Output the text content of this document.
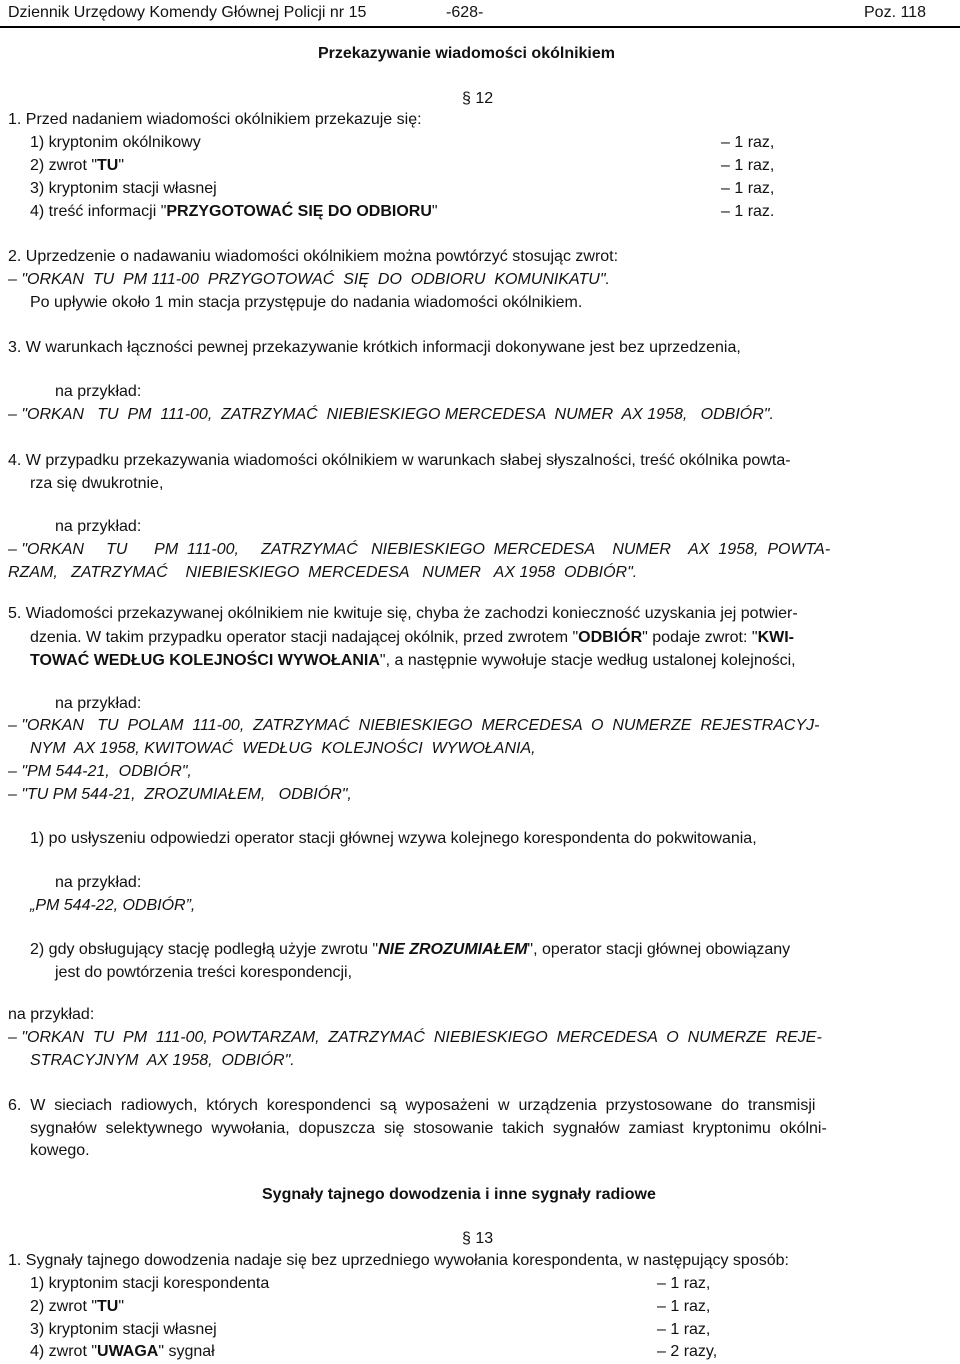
Dziennik Urzędowy Komendy Głównej Policji nr 15	-628-	Poz. 118
Przekazywanie wiadomości okólnikiem
§ 12
1. Przed nadaniem wiadomości okólnikiem przekazuje się:
1) kryptonim okólnikowy	– 1 raz,
2) zwrot "TU"	– 1 raz,
3) kryptonim stacji własnej	– 1 raz,
4) treść informacji "PRZYGOTOWAĆ SIĘ DO ODBIORU"	– 1 raz.
2. Uprzedzenie o nadawaniu wiadomości okólnikiem można powtórzyć stosując zwrot:
– "ORKAN  TU  PM 111-00  PRZYGOTOWAĆ  SIĘ  DO  ODBIORU  KOMUNIKATU".
Po upływie około 1 min stacja przystępuje do nadania wiadomości okólnikiem.
3. W warunkach łączności pewnej przekazywanie krótkich informacji dokonywane jest bez uprzedzenia,
na przykład:
– "ORKAN   TU  PM  111-00,  ZATRZYMAĆ  NIEBIESKIEGO MERCEDESA  NUMER  AX 1958,   ODBIÓR".
4. W przypadku przekazywania wiadomości okólnikiem w warunkach słabej słyszalności, treść okólnika powta-
rza się dwukrotnie,
na przykład:
– "ORKAN     TU      PM  111-00,     ZATRZYMAĆ   NIEBIESKIEGO  MERCEDESA    NUMER    AX  1958,  POWTA-
RZAM,   ZATRZYMAĆ    NIEBIESKIEGO  MERCEDESA   NUMER   AX 1958  ODBIÓR".
5. Wiadomości przekazywanej okólnikiem nie kwituje się, chyba że zachodzi konieczność uzyskania jej potwier-
dzenia. W takim przypadku operator stacji nadającej okólnik, przed zwrotem "ODBIÓR" podaje zwrot: "KWI-
TOWAĆ WEDŁUG KOLEJNOŚCI WYWOŁANIA", a następnie wywołuje stacje według ustalonej kolejności,
na przykład:
– "ORKAN   TU  POLAM  111-00,  ZATRZYMAĆ  NIEBIESKIEGO  MERCEDESA  O  NUMERZE  REJESTRACYJ-
NYM  AX 1958, KWITOWAĆ  WEDŁUG  KOLEJNOŚCI  WYWOŁANIA,
– "PM 544-21,  ODBIÓR",
– "TU PM 544-21,  ZROZUMIAŁEM,   ODBIÓR",
1) po usłyszeniu odpowiedzi operator stacji głównej wzywa kolejnego korespondenta do pokwitowania,
na przykład:
„PM 544-22, ODBIÓR”,
2) gdy obsługujący stację podległą użyje zwrotu "NIE ZROZUMIAŁEM", operator stacji głównej obowiązany
jest do powtórzenia treści korespondencji,
na przykład:
– "ORKAN  TU  PM  111-00, POWTARZAM,  ZATRZYMAĆ  NIEBIESKIEGO  MERCEDESA  O  NUMERZE  REJE-
STRACYJNYM  AX 1958,  ODBIÓR".
6.  W  sieciach  radiowych,  których  korespondenci  są  wyposażeni  w  urządzenia  przystosowane  do  transmisji
sygnałów  selektywnego  wywołania,  dopuszcza  się  stosowanie  takich  sygnałów  zamiast  kryptonimu  okólni-
kowego.
Sygnały tajnego dowodzenia i inne sygnały radiowe
§ 13
1. Sygnały tajnego dowodzenia nadaje się bez uprzedniego wywołania korespondenta, w następujący sposób:
1) kryptonim stacji korespondenta	– 1 raz,
2) zwrot "TU"	– 1 raz,
3) kryptonim stacji własnej	– 1 raz,
4) zwrot "UWAGA" sygnał	– 2 razy,
